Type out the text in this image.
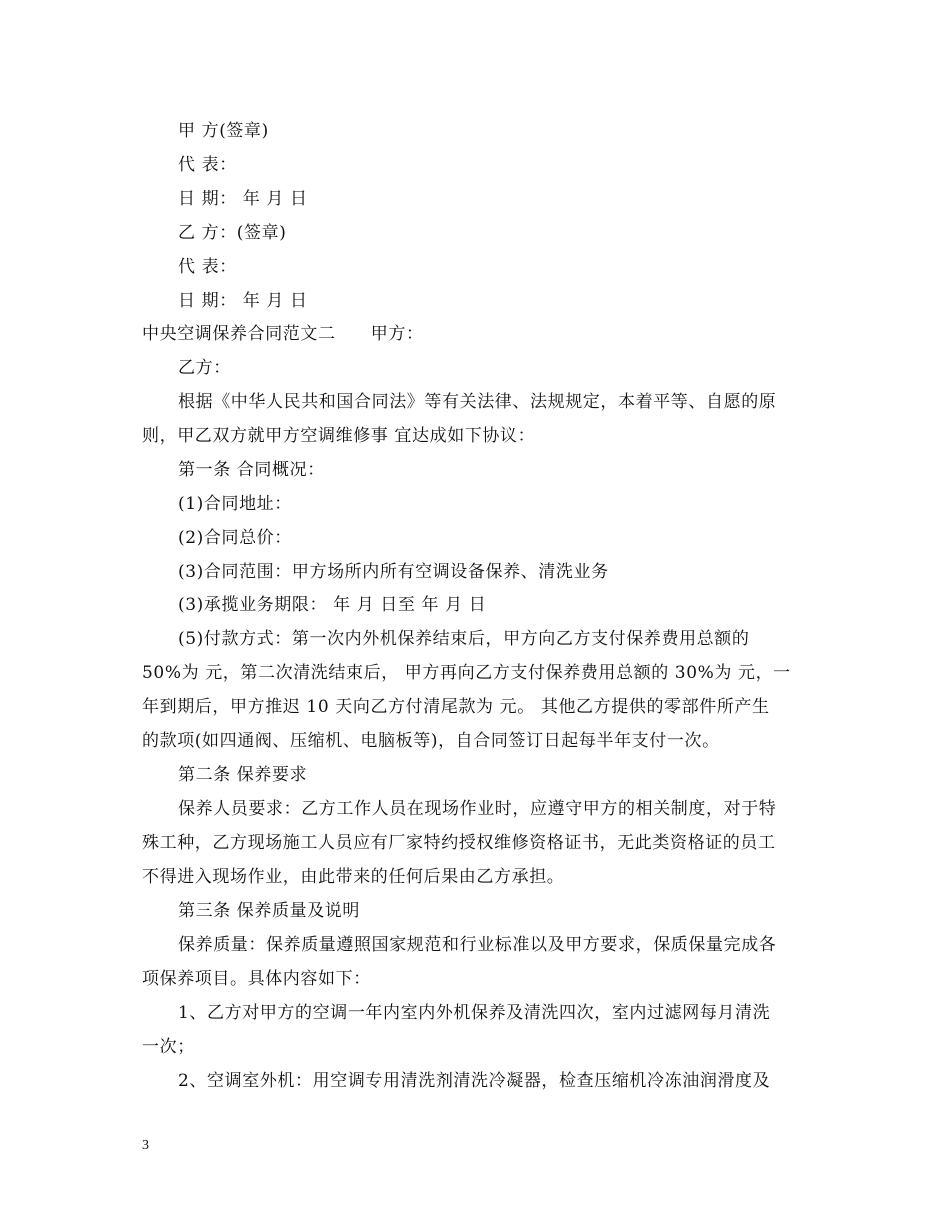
甲 方(签章)
代 表：
日 期： 年 月 日
乙 方：(签章)
代 表：
日 期： 年 月 日
中央空调保养合同范文二　　甲方：
乙方：
根据《中华人民共和国合同法》等有关法律、法规规定，本着平等、自愿的原
则，甲乙双方就甲方空调维修事 宜达成如下协议：
第一条 合同概况：
(1)合同地址：
(2)合同总价：
(3)合同范围：甲方场所内所有空调设备保养、清洗业务
(3)承揽业务期限： 年 月 日至 年 月 日
(5)付款方式：第一次内外机保养结束后，甲方向乙方支付保养费用总额的
50%为 元，第二次清洗结束后， 甲方再向乙方支付保养费用总额的 30%为 元，一
年到期后，甲方推迟 10 天向乙方付清尾款为 元。 其他乙方提供的零部件所产生
的款项(如四通阀、压缩机、电脑板等)，自合同签订日起每半年支付一次。
第二条 保养要求
保养人员要求：乙方工作人员在现场作业时，应遵守甲方的相关制度，对于特
殊工种，乙方现场施工人员应有厂家特约授权维修资格证书，无此类资格证的员工
不得进入现场作业，由此带来的任何后果由乙方承担。
第三条 保养质量及说明
保养质量：保养质量遵照国家规范和行业标准以及甲方要求，保质保量完成各
项保养项目。具体内容如下：
1、乙方对甲方的空调一年内室内外机保养及清洗四次，室内过滤网每月清洗
一次；
2、空调室外机：用空调专用清洗剂清洗冷凝器，检查压缩机冷冻油润滑度及
3
